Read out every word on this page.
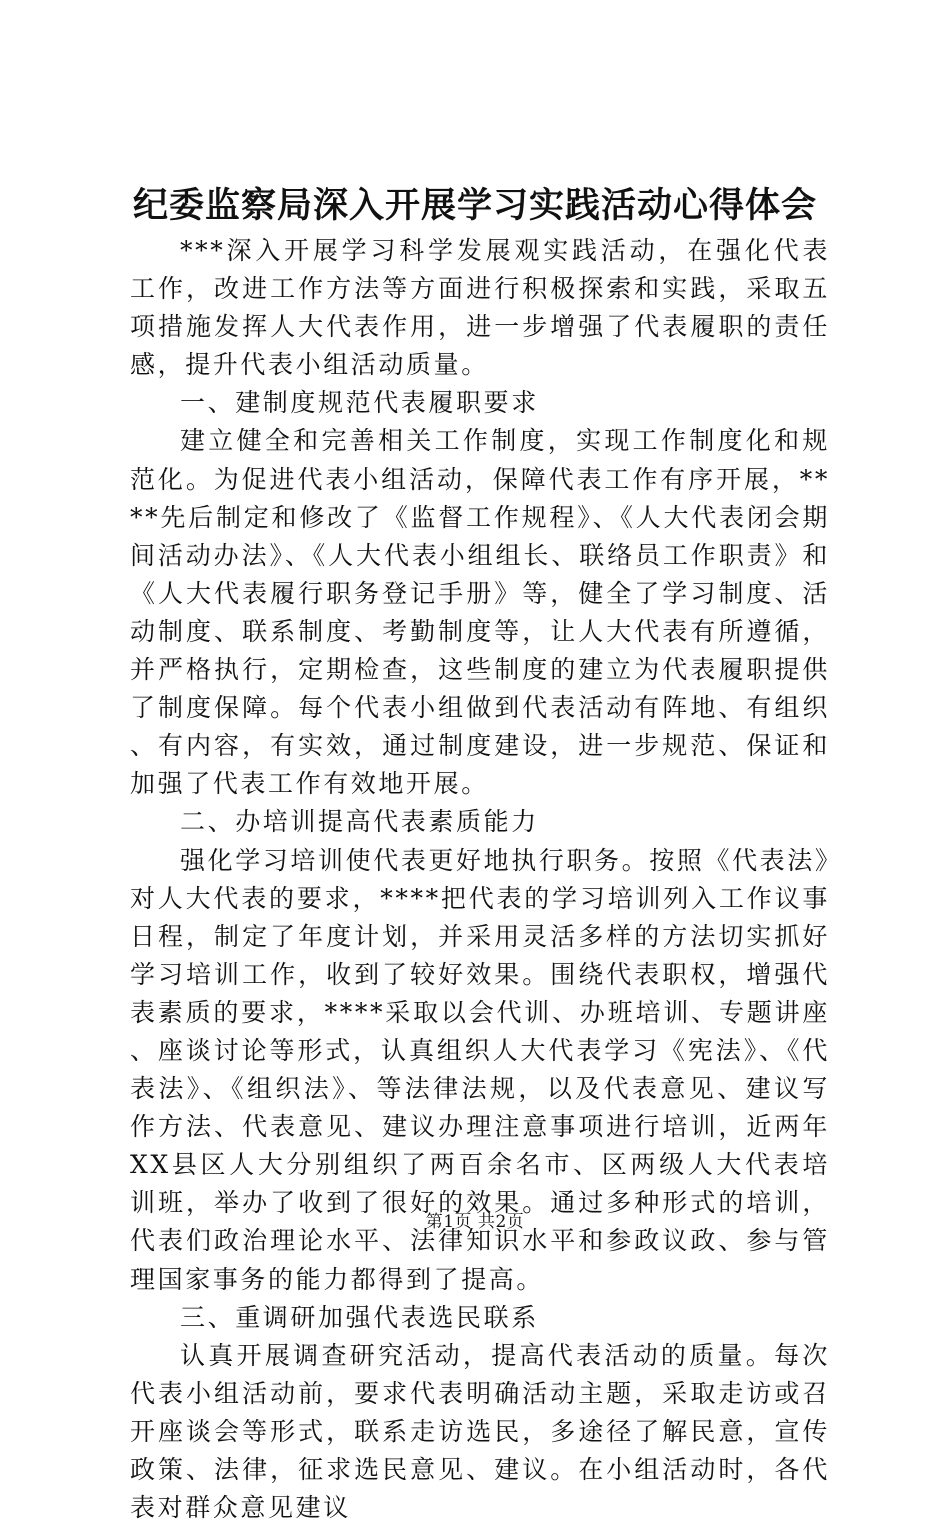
纪委监察局深入开展学习实践活动心得体会

***深入开展学习科学发展观实践活动，在强化代表工作，改进工作方法等方面进行积极探索和实践，采取五项措施发挥人大代表作用，进一步增强了代表履职的责任感，提升代表小组活动质量。

一、建制度规范代表履职要求

建立健全和完善相关工作制度，实现工作制度化和规范化。为促进代表小组活动，保障代表工作有序开展，****先后制定和修改了《监督工作规程》、《人大代表闭会期间活动办法》、《人大代表小组组长、联络员工作职责》和《人大代表履行职务登记手册》等，健全了学习制度、活动制度、联系制度、考勤制度等，让人大代表有所遵循，并严格执行，定期检查，这些制度的建立为代表履职提供了制度保障。每个代表小组做到代表活动有阵地、有组织、有内容，有实效，通过制度建设，进一步规范、保证和加强了代表工作有效地开展。

二、办培训提高代表素质能力

强化学习培训使代表更好地执行职务。按照《代表法》对人大代表的要求，****把代表的学习培训列入工作议事日程，制定了年度计划，并采用灵活多样的方法切实抓好学习培训工作，收到了较好效果。围绕代表职权，增强代表素质的要求，****采取以会代训、办班培训、专题讲座、座谈讨论等形式，认真组织人大代表学习《宪法》、《代表法》、《组织法》、等法律法规，以及代表意见、建议写作方法、代表意见、建议办理注意事项进行培训，近两年XX县区人大分别组织了两百余名市、区两级人大代表培训班，举办了收到了很好的效果。通过多种形式的培训，代表们政治理论水平、法律知识水平和参政议政、参与管理国家事务的能力都得到了提高。

三、重调研加强代表选民联系

认真开展调查研究活动，提高代表活动的质量。每次代表小组活动前，要求代表明确活动主题，采取走访或召开座谈会等形式，联系走访选民，多途径了解民意，宣传政策、法律，征求选民意见、建议。在小组活动时，各代表对群众意见建议

第1页 共2页
